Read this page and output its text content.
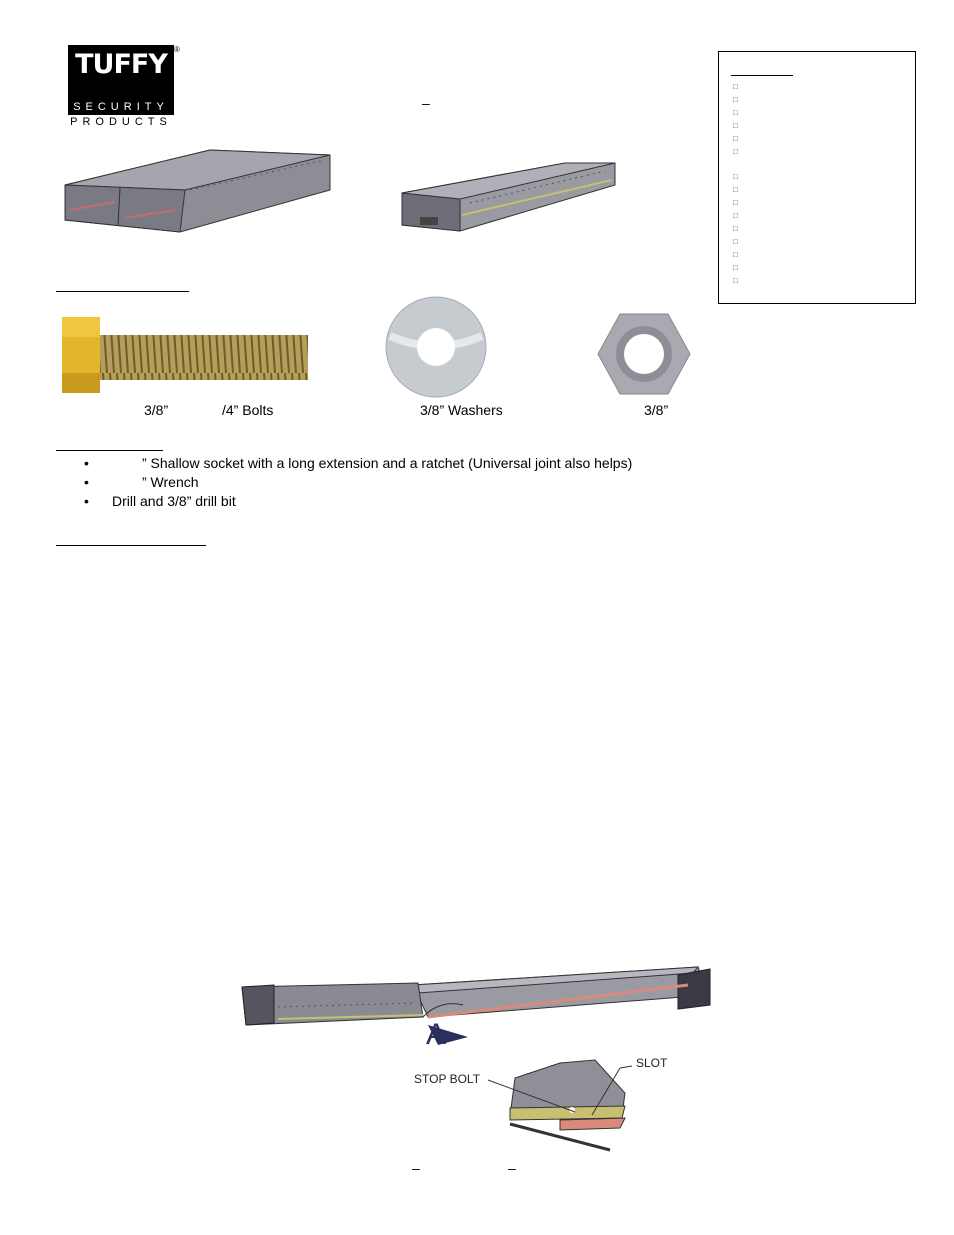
TUFFY
SECURITY
PRODUCTS
®
–
□
□
□
□
□
□
□
□
□
□
□
□
□
□
□
3/8”	/4” Bolts	3/8” Washers	3/8”
•	” Shallow socket with a long extension and a ratchet (Universal joint also helps)
•	” Wrench
• Drill and 3/8” drill bit
A
STOP BOLT
SLOT
–	–
